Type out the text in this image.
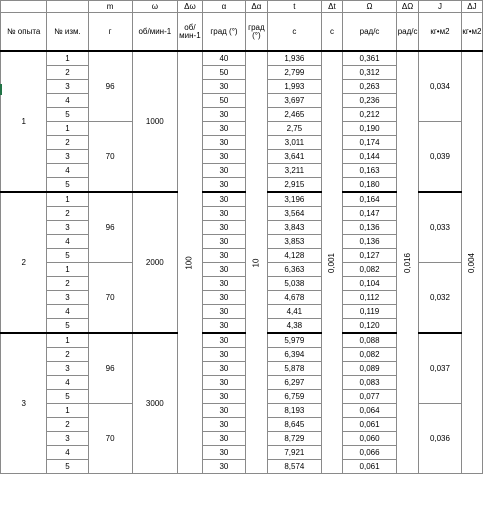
		m	ω	Δω	α	Δα	t	Δt	Ω	ΔΩ	J	ΔJ
№ опыта	№ изм.	г	об/мин-1	об/мин-1	град (°)	град (°)	с	с	рад/с	рад/с	кг•м2	кг•м2
1	1	96	1000	100	40	10	1,936	0,001	0,361	0,016	0,034	0,004
	2				50		2,799		0,312			
	3				30		1,993		0,263			
	4				50		3,697		0,236			
	5				30		2,465		0,212			
	1	70			30		2,75		0,190		0,039	
	2				30		3,011		0,174			
	3				30		3,641		0,144			
	4				30		3,211		0,163			
	5				30		2,915		0,180			
2	1	96	2000		30		3,196		0,164		0,033	
	2				30		3,564		0,147			
	3				30		3,843		0,136			
	4				30		3,853		0,136			
	5				30		4,128		0,127			
	1	70			30		6,363		0,082		0,032	
	2				30		5,038		0,104			
	3				30		4,678		0,112			
	4				30		4,41		0,119			
	5				30		4,38		0,120			
3	1	96	3000		30		5,979		0,088		0,037	
	2				30		6,394		0,082			
	3				30		5,878		0,089			
	4				30		6,297		0,083			
	5				30		6,759		0,077			
	1	70			30		8,193		0,064		0,036	
	2				30		8,645		0,061			
	3				30		8,729		0,060			
	4				30		7,921		0,066			
	5				30		8,574		0,061			
